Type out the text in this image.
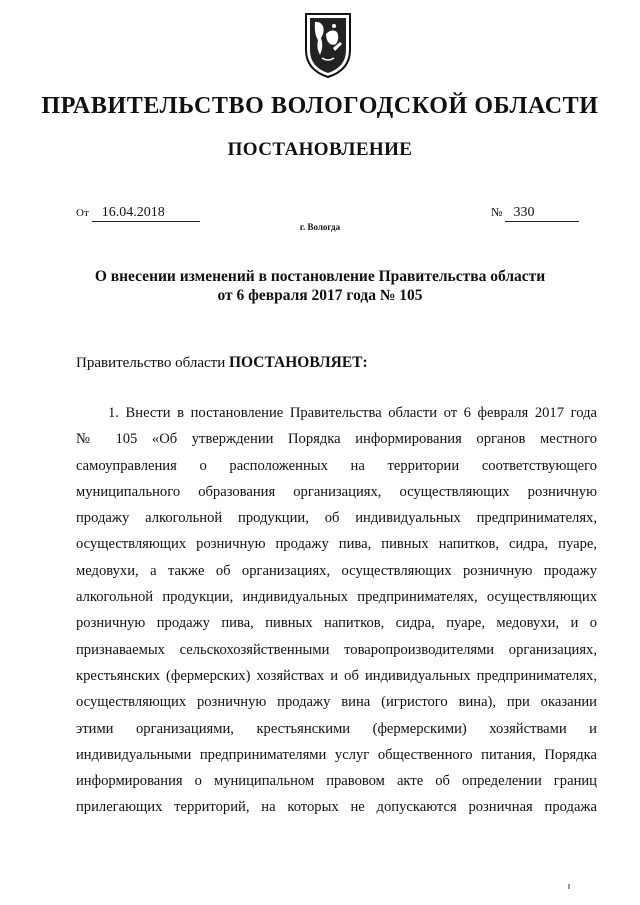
ПРАВИТЕЛЬСТВО ВОЛОГОДСКОЙ ОБЛАСТИ
ПОСТАНОВЛЕНИЕ
От 16.04.2018	№ 330
г. Вологда
О внесении изменений в постановление Правительства области
от 6 февраля 2017 года № 105
Правительство области ПОСТАНОВЛЯЕТ:
1. Внести в постановление Правительства области от 6 февраля 2017 года
№ 105 «Об утверждении Порядка информирования органов местного
самоуправления о расположенных на территории соответствующего
муниципального образования организациях, осуществляющих розничную
продажу алкогольной продукции, об индивидуальных предпринимателях,
осуществляющих розничную продажу пива, пивных напитков, сидра, пуаре,
медовухи, а также об организациях, осуществляющих розничную продажу
алкогольной продукции, индивидуальных предпринимателях, осуществляющих
розничную продажу пива, пивных напитков, сидра, пуаре, медовухи, и о
признаваемых сельскохозяйственными товаропроизводителями организациях,
крестьянских (фермерских) хозяйствах и об индивидуальных предпринимателях,
осуществляющих розничную продажу вина (игристого вина), при оказании
этими организациями, крестьянскими (фермерскими) хозяйствами и
индивидуальными предпринимателями услуг общественного питания, Порядка
информирования о муниципальном правовом акте об определении границ
прилегающих территорий, на которых не допускаются розничная продажа
